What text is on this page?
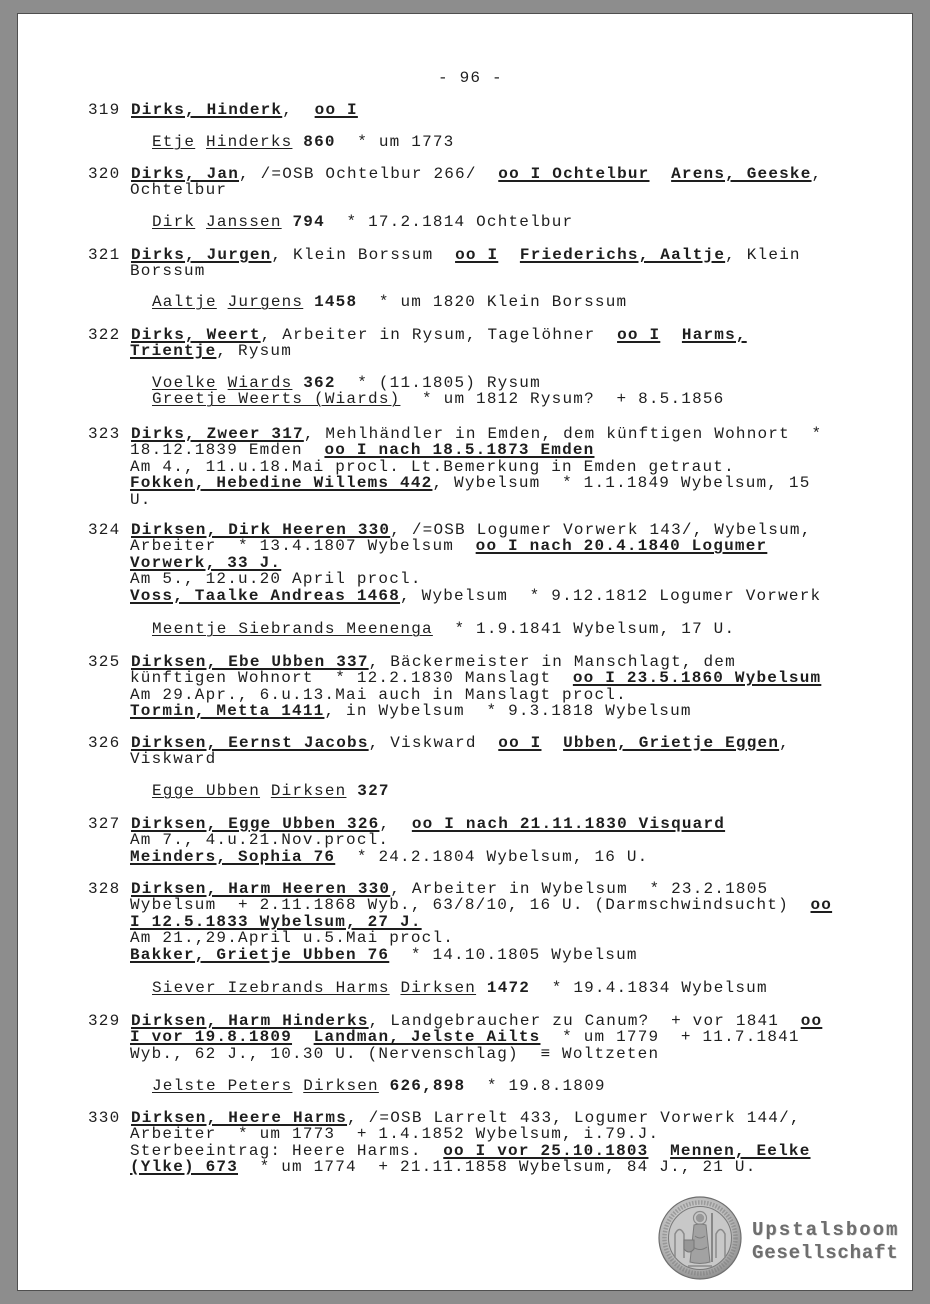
- 96 -
Upstalsboom
Gesellschaft
319 Dirks, Hinderk,  oo I
Etje Hinderks 860  * um 1773
320 Dirks, Jan, /=OSB Ochtelbur 266/  oo I Ochtelbur Arens, Geeske,
Ochtelbur
Dirk Janssen 794  * 17.2.1814 Ochtelbur
321 Dirks, Jurgen, Klein Borssum  oo I Friederichs, Aaltje, Klein
Borssum
Aaltje Jurgens 1458  * um 1820 Klein Borssum
322 Dirks, Weert, Arbeiter in Rysum, Tagelöhner  oo I Harms,
Trientje, Rysum
Voelke Wiards 362  * (11.1805) Rysum
Greetje Weerts (Wiards)  * um 1812 Rysum?  + 8.5.1856
323 Dirks, Zweer 317, Mehlhändler in Emden, dem künftigen Wohnort  *
18.12.1839 Emden  oo I nach 18.5.1873 Emden
Am 4., 11.u.18.Mai procl. Lt.Bemerkung in Emden getraut.
Fokken, Hebedine Willems 442, Wybelsum  * 1.1.1849 Wybelsum, 15
U.
324 Dirksen, Dirk Heeren 330, /=OSB Logumer Vorwerk 143/, Wybelsum,
Arbeiter  * 13.4.1807 Wybelsum  oo I nach 20.4.1840 Logumer
Vorwerk, 33 J.
Am 5., 12.u.20 April procl.
Voss, Taalke Andreas 1468, Wybelsum  * 9.12.1812 Logumer Vorwerk
Meentje Siebrands Meenenga  * 1.9.1841 Wybelsum, 17 U.
325 Dirksen, Ebe Ubben 337, Bäckermeister in Manschlagt, dem
künftigen Wohnort  * 12.2.1830 Manslagt  oo I 23.5.1860 Wybelsum
Am 29.Apr., 6.u.13.Mai auch in Manslagt procl.
Tormin, Metta 1411, in Wybelsum  * 9.3.1818 Wybelsum
326 Dirksen, Eernst Jacobs, Viskward  oo I Ubben, Grietje Eggen,
Viskward
Egge Ubben Dirksen 327
327 Dirksen, Egge Ubben 326,  oo I nach 21.11.1830 Visquard
Am 7., 4.u.21.Nov.procl.
Meinders, Sophia 76  * 24.2.1804 Wybelsum, 16 U.
328 Dirksen, Harm Heeren 330, Arbeiter in Wybelsum  * 23.2.1805
Wybelsum  + 2.11.1868 Wyb., 63/8/10, 16 U. (Darmschwindsucht)  oo
I 12.5.1833 Wybelsum, 27 J.
Am 21.,29.April u.5.Mai procl.
Bakker, Grietje Ubben 76  * 14.10.1805 Wybelsum
Siever Izebrands Harms Dirksen 1472  * 19.4.1834 Wybelsum
329 Dirksen, Harm Hinderks, Landgebraucher zu Canum?  + vor 1841  oo
I vor 19.8.1809 Landman, Jelste Ailts  * um 1779  + 11.7.1841
Wyb., 62 J., 10.30 U. (Nervenschlag)  ≡ Woltzeten
Jelste Peters Dirksen 626,898  * 19.8.1809
330 Dirksen, Heere Harms, /=OSB Larrelt 433, Logumer Vorwerk 144/,
Arbeiter  * um 1773  + 1.4.1852 Wybelsum, i.79.J.
Sterbeeintrag: Heere Harms.  oo I vor 25.10.1803 Mennen, Eelke
(Ylke) 673  * um 1774  + 21.11.1858 Wybelsum, 84 J., 21 U.
